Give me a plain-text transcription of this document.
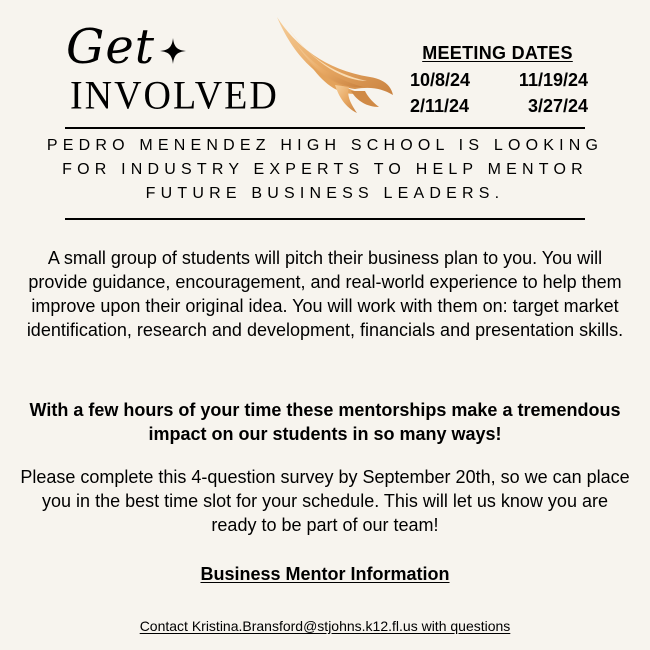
Get
INVOLVED
MEETING DATES
10/8/24	11/19/24
2/11/24	3/27/24
PEDRO MENENDEZ HIGH SCHOOL IS LOOKING FOR INDUSTRY EXPERTS TO HELP MENTOR FUTURE BUSINESS LEADERS.

A small group of students will pitch their business plan to you. You will provide guidance, encouragement, and real-world experience to help them improve upon their original idea. You will work with them on: target market identification, research and development, financials and presentation skills.

With a few hours of your time these mentorships make a tremendous impact on our students in so many ways!

Please complete this 4-question survey by September 20th, so we can place you in the best time slot for your schedule. This will let us know you are ready to be part of our team!

Business Mentor Information
Contact Kristina.Bransford@stjohns.k12.fl.us with questions
